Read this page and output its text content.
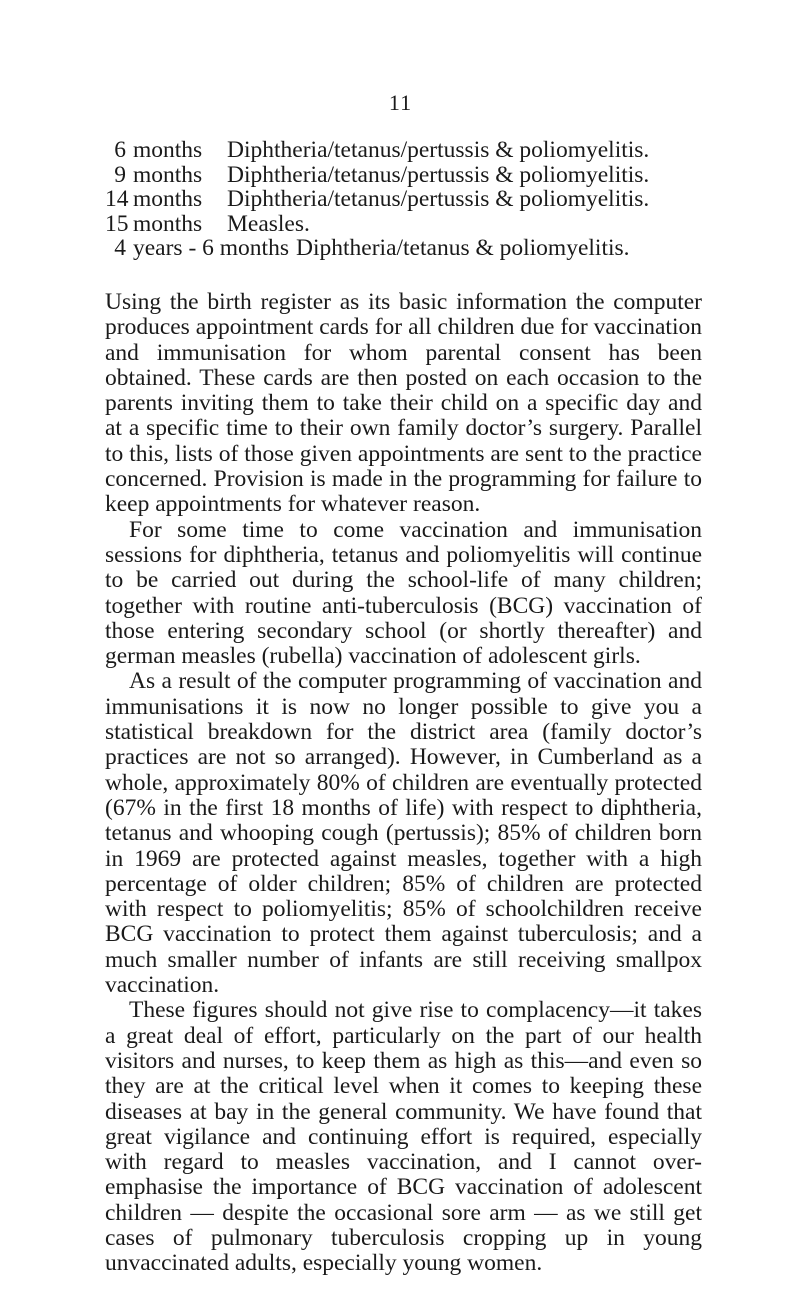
11
6 months	Diphtheria/tetanus/pertussis & poliomyelitis.
9 months	Diphtheria/tetanus/pertussis & poliomyelitis.
14 months	Diphtheria/tetanus/pertussis & poliomyelitis.
15 months	Measles.
4 years - 6 months Diphtheria/tetanus & poliomyelitis.

Using the birth register as its basic information the computer produces appointment cards for all children due for vaccination and immunisation for whom parental consent has been obtained. These cards are then posted on each occasion to the parents inviting them to take their child on a specific day and at a specific time to their own family doctor’s surgery. Parallel to this, lists of those given appointments are sent to the practice concerned. Provision is made in the programming for failure to keep appointments for whatever reason.

For some time to come vaccination and immunisation sessions for diphtheria, tetanus and poliomyelitis will continue to be carried out during the school-life of many children; together with routine anti-tuberculosis (BCG) vaccination of those entering secondary school (or shortly thereafter) and german measles (rubella) vaccination of adolescent girls.

As a result of the computer programming of vaccination and immunisations it is now no longer possible to give you a statistical breakdown for the district area (family doctor’s practices are not so arranged). However, in Cumberland as a whole, approximately 80% of children are eventually protected (67% in the first 18 months of life) with respect to diphtheria, tetanus and whooping cough (pertussis); 85% of children born in 1969 are protected against measles, together with a high percentage of older children; 85% of children are protected with respect to poliomyelitis; 85% of schoolchildren receive BCG vaccination to protect them against tuberculosis; and a much smaller number of infants are still receiving smallpox vaccination.

These figures should not give rise to complacency—it takes a great deal of effort, particularly on the part of our health visitors and nurses, to keep them as high as this—and even so they are at the critical level when it comes to keeping these diseases at bay in the general community. We have found that great vigilance and continuing effort is required, especially with regard to measles vaccination, and I cannot over-emphasise the importance of BCG vaccination of adolescent children — despite the occasional sore arm — as we still get cases of pulmonary tuberculosis cropping up in young unvaccinated adults, especially young women.
